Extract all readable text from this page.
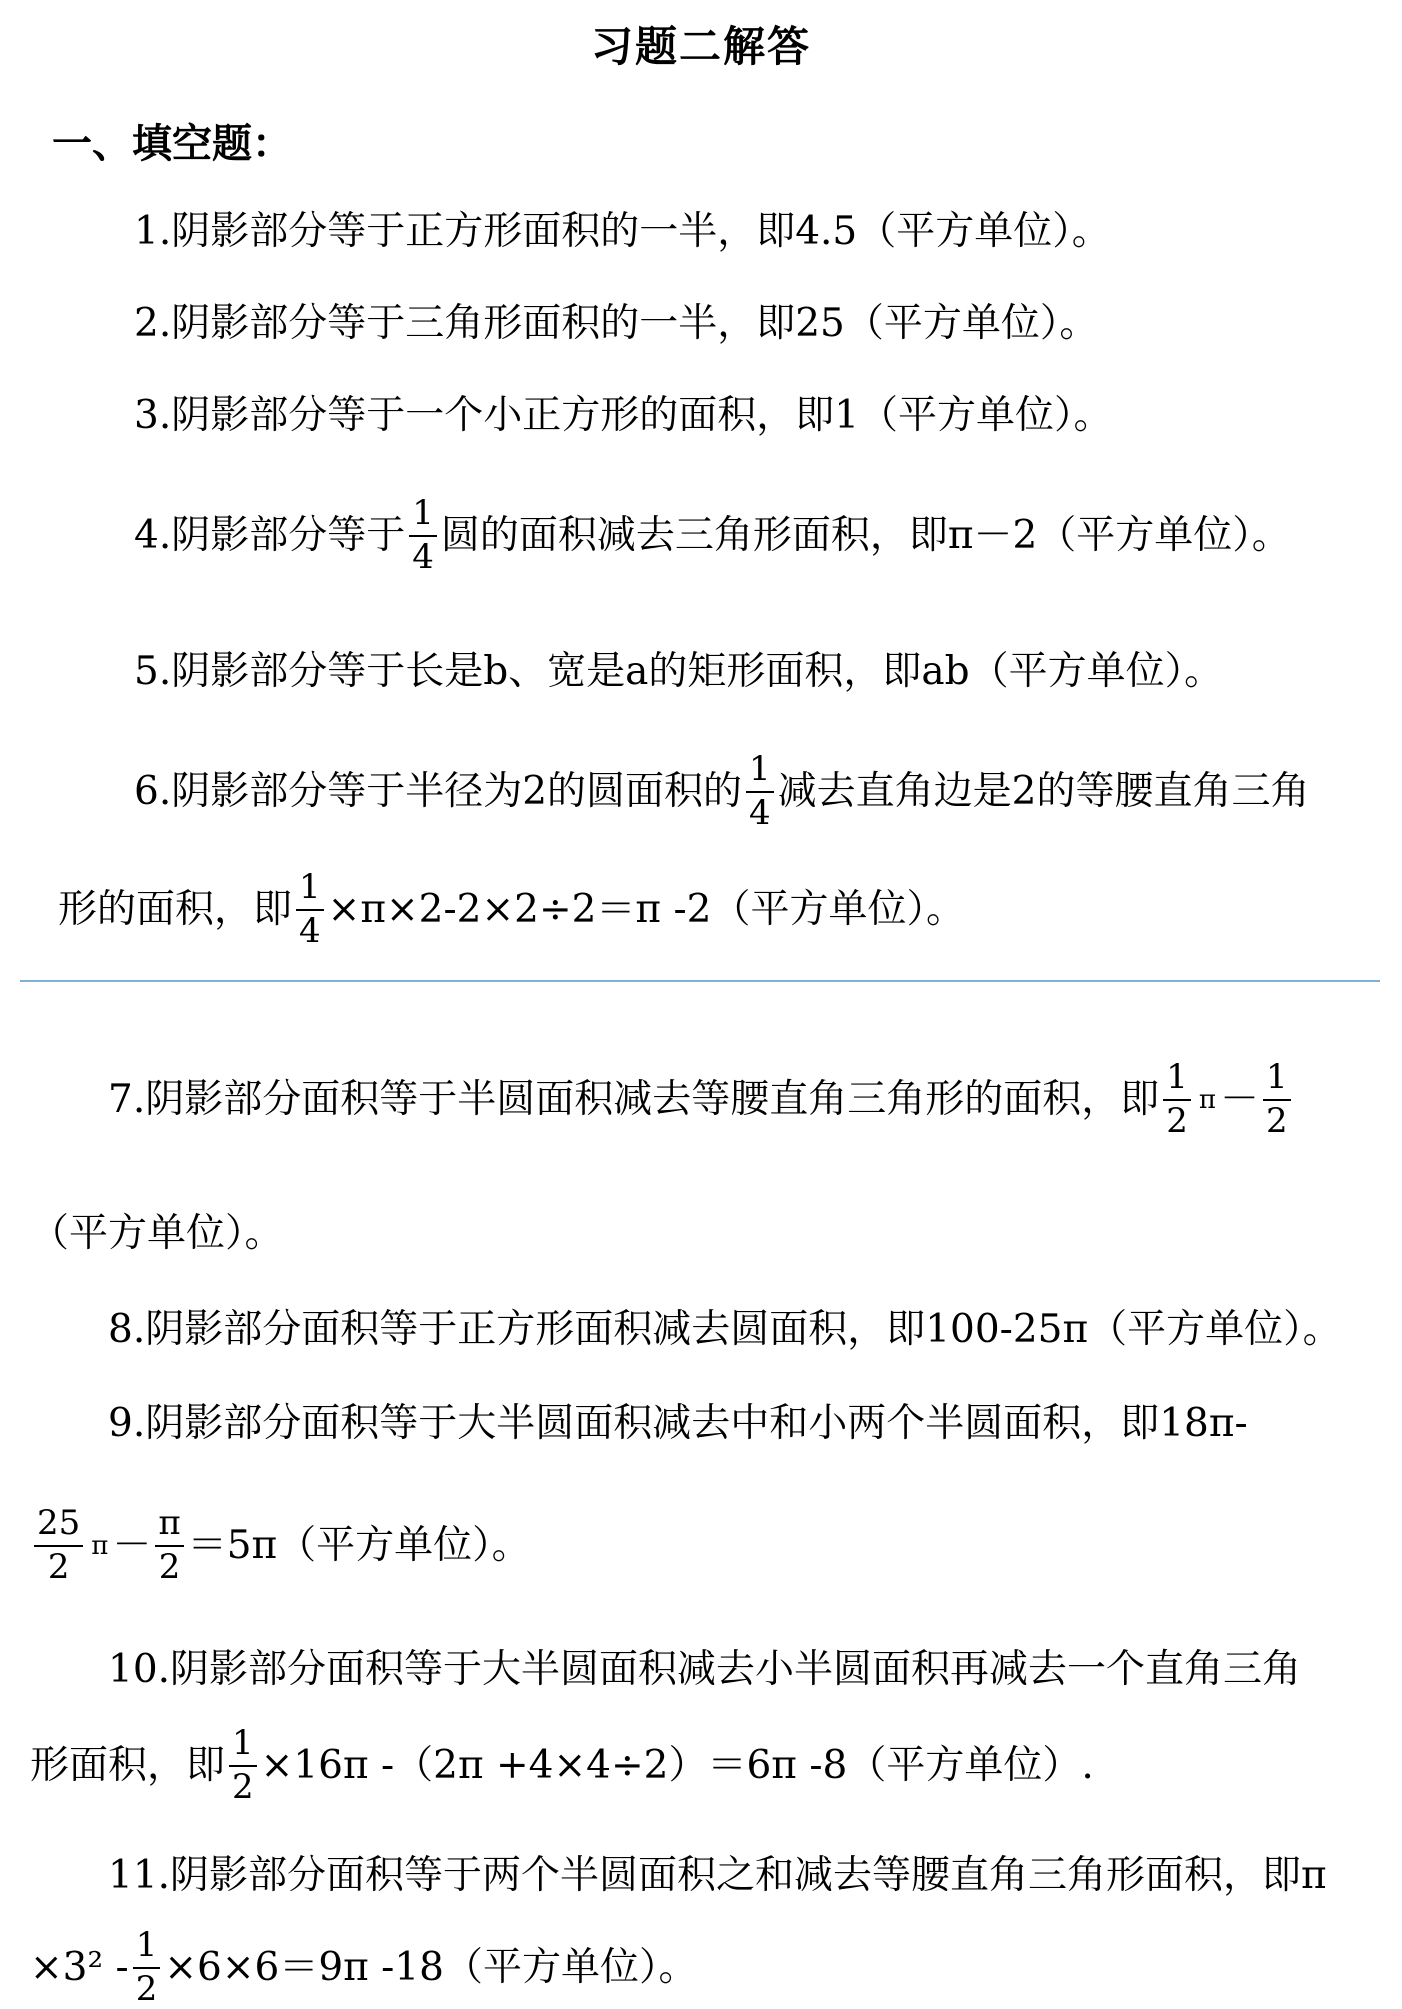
习题二解答
一、填空题：
1.阴影部分等于正方形面积的一半，即4.5（平方单位）。
2.阴影部分等于三角形面积的一半，即25（平方单位）。
3.阴影部分等于一个小正方形的面积，即1（平方单位）。
4.阴影部分等于 $\frac{1}{4}$ 圆的面积减去三角形面积，即π－2（平方单位）。
5.阴影部分等于长是b、宽是a的矩形面积，即ab（平方单位）。
6.阴影部分等于半径为2的圆面积的 $\frac{1}{4}$ 减去直角边是2的等腰直角三角
形的面积，即 $\frac{1}{4} \times\pi\times 2-2\times 2\div 2=\pi$ -2（平方单位）。
7.阴影部分面积等于半圆面积减去等腰直角三角形的面积，即 $\frac{1}{2}$ $\pi - \frac{1}{2}$
（平方单位）。
8.阴影部分面积等于正方形面积减去圆面积，即100-25π（平方单位）。
9.阴影部分面积等于大半圆面积减去中和小两个半圆面积，即18π-
$\frac{25}{2}$ $\pi - \frac{\pi}{2} =5\pi$（平方单位）。
10.阴影部分面积等于大半圆面积减去小半圆面积再减去一个直角三角
形面积，即 $\frac{1}{2} \times 16\pi$ -（2π +4×4÷2）＝6π -8（平方单位）.
11.阴影部分面积等于两个半圆面积之和减去等腰直角三角形面积，即π
$\times 3^2 - \frac{1}{2} \times 6\times 6=9\pi$ -18（平方单位）。
